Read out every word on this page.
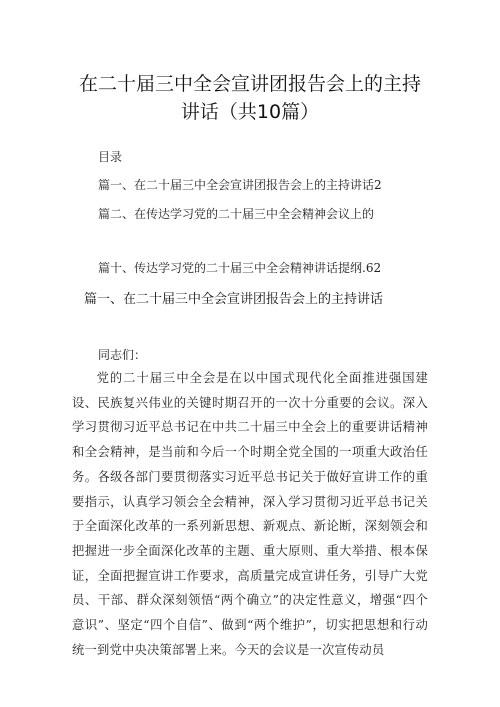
在二十届三中全会宣讲团报告会上的主持
讲话（共10篇）
目录
篇一、在二十届三中全会宣讲团报告会上的主持讲话2
篇二、在传达学习党的二十届三中全会精神会议上的
篇十、传达学习党的二十届三中全会精神讲话提纲.62
篇一、在二十届三中全会宣讲团报告会上的主持讲话
同志们：
党的二十届三中全会是在以中国式现代化全面推进强国建设、民族复兴伟业的关键时期召开的一次十分重要的会议。深入学习贯彻习近平总书记在中共二十届三中全会上的重要讲话精神和全会精神，是当前和今后一个时期全党全国的一项重大政治任务。各级各部门要贯彻落实习近平总书记关于做好宣讲工作的重要指示，认真学习领会全会精神，深入学习贯彻习近平总书记关于全面深化改革的一系列新思想、新观点、新论断，深刻领会和把握进一步全面深化改革的主题、重大原则、重大举措、根本保证，全面把握宣讲工作要求，高质量完成宣讲任务，引导广大党员、干部、群众深刻领悟“两个确立”的决定性意义，增强“四个意识”、坚定“四个自信”、做到“两个维护”，切实把思想和行动统一到党中央决策部署上来。今天的会议是一次宣传动员
